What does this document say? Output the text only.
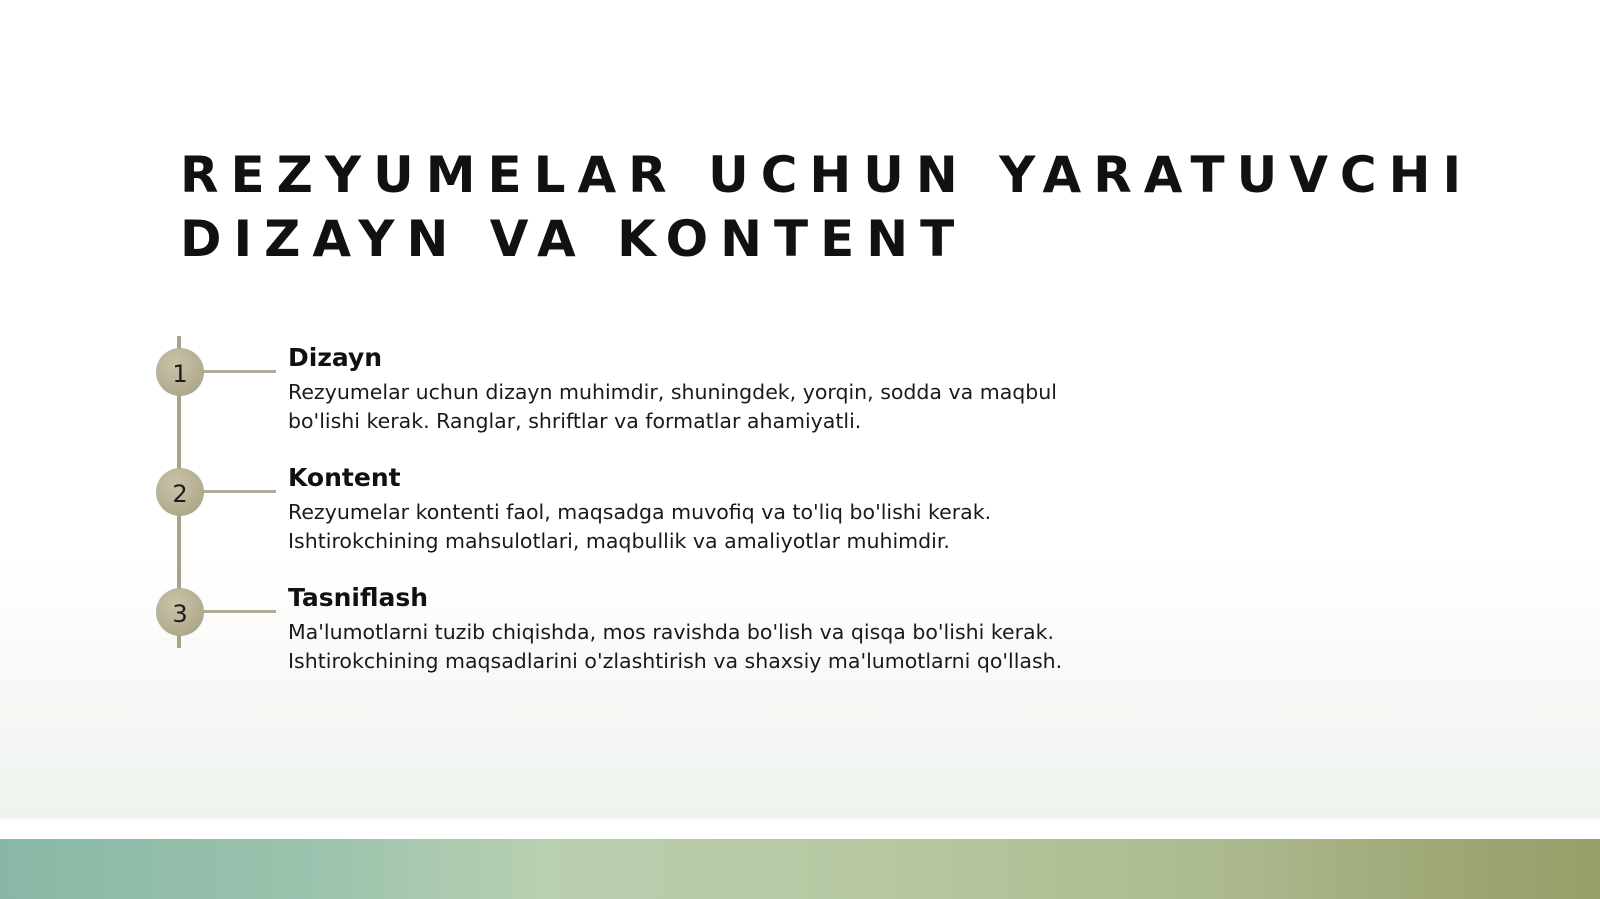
REZYUMELAR UCHUN YARATUVCHI
DIZAYN VA KONTENT
1
Dizayn

Rezyumelar uchun dizayn muhimdir, shuningdek, yorqin, sodda va maqbul bo'lishi kerak. Ranglar, shriftlar va formatlar ahamiyatli.

2
Kontent

Rezyumelar kontenti faol, maqsadga muvofiq va to'liq bo'lishi kerak. Ishtirokchining mahsulotlari, maqbullik va amaliyotlar muhimdir.

3
Tasniflash

Ma'lumotlarni tuzib chiqishda, mos ravishda bo'lish va qisqa bo'lishi kerak. Ishtirokchining maqsadlarini o'zlashtirish va shaxsiy ma'lumotlarni qo'llash.
